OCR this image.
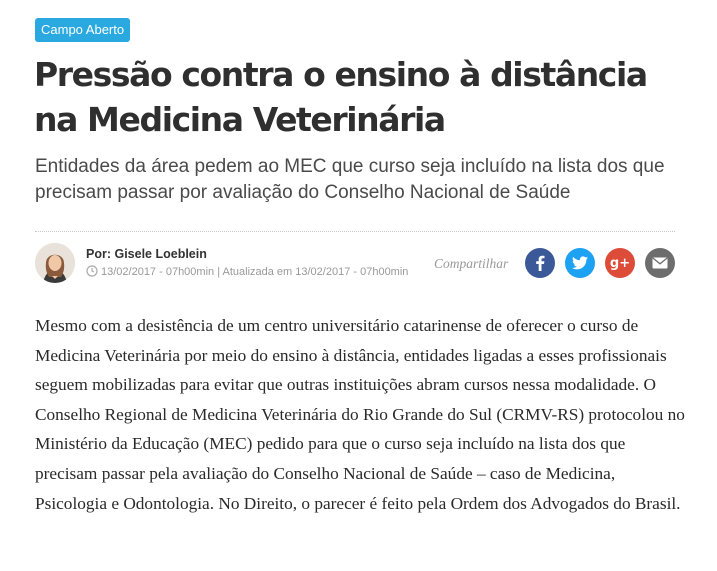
Campo Aberto
Pressão contra o ensino à distância na Medicina Veterinária

Entidades da área pedem ao MEC que curso seja incluído na lista dos que precisam passar por avaliação do Conselho Nacional de Saúde

Por: Gisele Loeblein
13/02/2017 - 07h00min | Atualizada em 13/02/2017 - 07h00min
Compartilhar	g+

Mesmo com a desistência de um centro universitário catarinense de oferecer o curso de Medicina Veterinária por meio do ensino à distância, entidades ligadas a esses profissionais seguem mobilizadas para evitar que outras instituições abram cursos nessa modalidade. O Conselho Regional de Medicina Veterinária do Rio Grande do Sul (CRMV-RS) protocolou no Ministério da Educação (MEC) pedido para que o curso seja incluído na lista dos que precisam passar pela avaliação do Conselho Nacional de Saúde – caso de Medicina, Psicologia e Odontologia. No Direito, o parecer é feito pela Ordem dos Advogados do Brasil.
